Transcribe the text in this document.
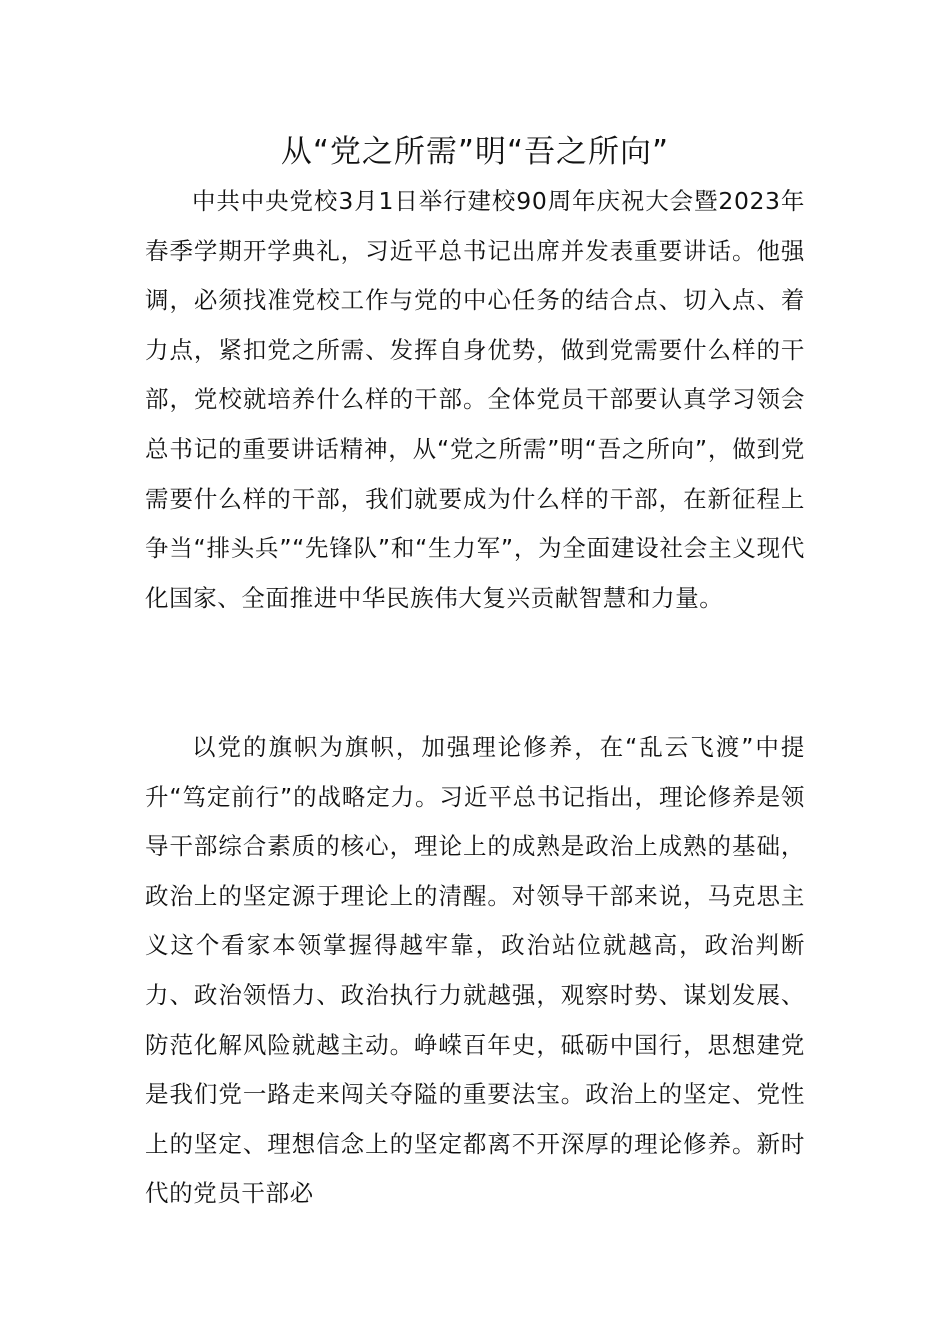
从“党之所需”明“吾之所向”

中共中央党校3月1日举行建校90周年庆祝大会暨2023年春季学期开学典礼，习近平总书记出席并发表重要讲话。他强调，必须找准党校工作与党的中心任务的结合点、切入点、着力点，紧扣党之所需、发挥自身优势，做到党需要什么样的干部，党校就培养什么样的干部。全体党员干部要认真学习领会总书记的重要讲话精神，从“党之所需”明“吾之所向”，做到党需要什么样的干部，我们就要成为什么样的干部，在新征程上争当“排头兵”“先锋队”和“生力军”，为全面建设社会主义现代化国家、全面推进中华民族伟大复兴贡献智慧和力量。

以党的旗帜为旗帜，加强理论修养，在“乱云飞渡”中提升“笃定前行”的战略定力。习近平总书记指出，理论修养是领导干部综合素质的核心，理论上的成熟是政治上成熟的基础，政治上的坚定源于理论上的清醒。对领导干部来说，马克思主义这个看家本领掌握得越牢靠，政治站位就越高，政治判断力、政治领悟力、政治执行力就越强，观察时势、谋划发展、防范化解风险就越主动。峥嵘百年史，砥砺中国行，思想建党是我们党一路走来闯关夺隘的重要法宝。政治上的坚定、党性上的坚定、理想信念上的坚定都离不开深厚的理论修养。新时代的党员干部必
